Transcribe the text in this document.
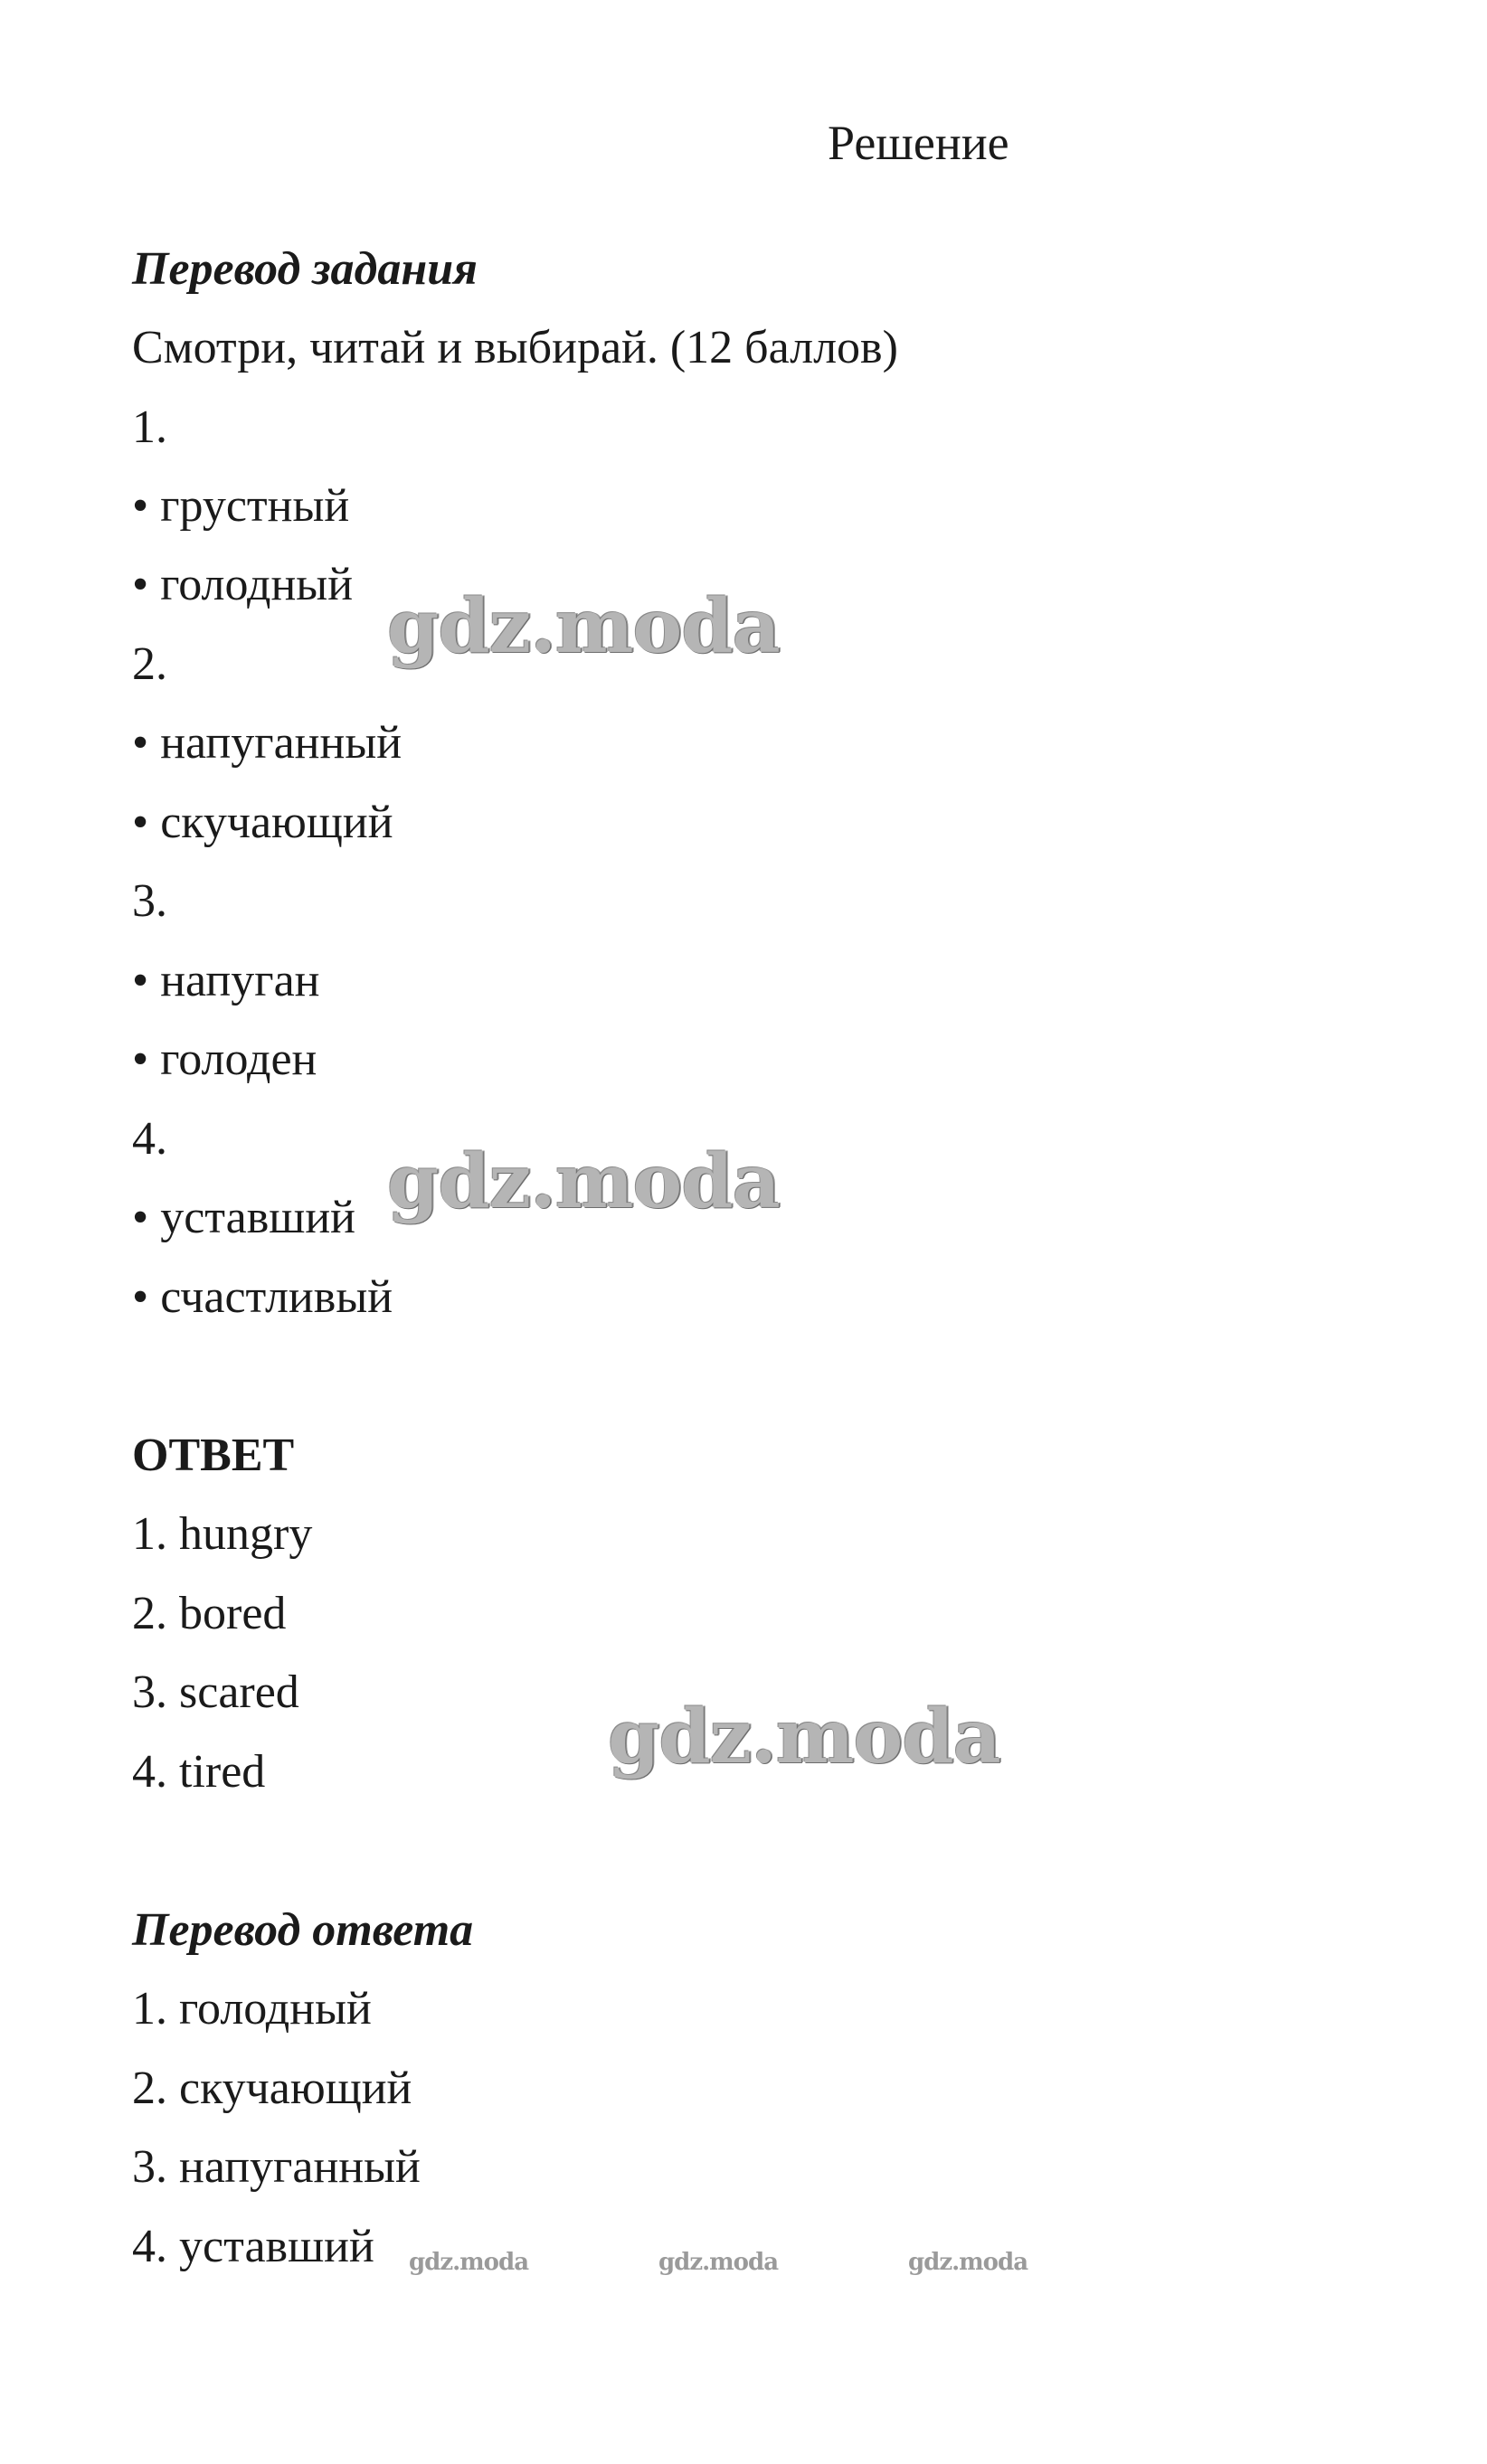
Решение
Перевод задания
Смотри, читай и выбирай. (12 баллов)
1.
• грустный
• голодный
2.
• напуганный
• скучающий
3.
• напуган
• голоден
4.
• уставший
• счастливый
ОТВЕТ
1. hungry
2. bored
3. scared
4. tired
Перевод ответа
1. голодный
2. скучающий
3. напуганный
4. уставший
gdz.moda
gdz.moda
gdz.moda
gdz.moda	gdz.moda	gdz.moda
